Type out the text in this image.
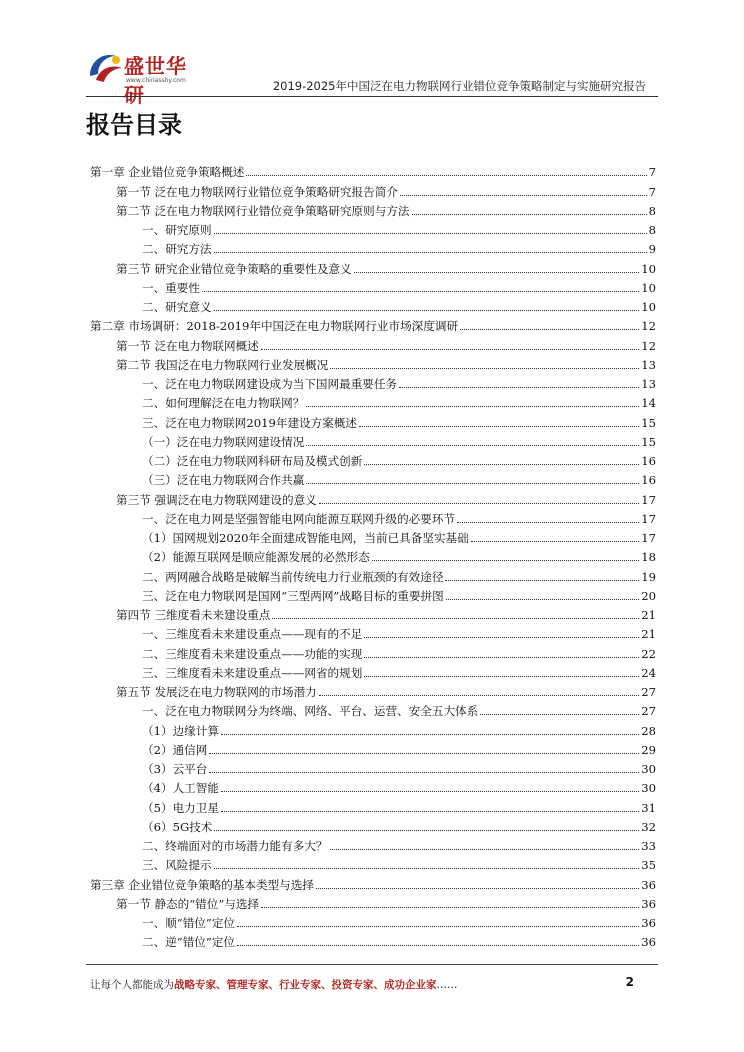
盛世华研
www.chinasshy.com	2019-2025年中国泛在电力物联网行业错位竞争策略制定与实施研究报告
报告目录
第一章 企业错位竞争策略概述	7
第一节 泛在电力物联网行业错位竞争策略研究报告简介	7
第二节 泛在电力物联网行业错位竞争策略研究原则与方法	8
一、研究原则	8
二、研究方法	9
第三节 研究企业错位竞争策略的重要性及意义	10
一、重要性	10
二、研究意义	10
第二章 市场调研：2018-2019年中国泛在电力物联网行业市场深度调研	12
第一节 泛在电力物联网概述	12
第二节 我国泛在电力物联网行业发展概况	13
一、泛在电力物联网建设成为当下国网最重要任务	13
二、如何理解泛在电力物联网？	14
三、泛在电力物联网2019年建设方案概述	15
（一）泛在电力物联网建设情况	15
（二）泛在电力物联网科研布局及模式创新	16
（三）泛在电力物联网合作共赢	16
第三节 强调泛在电力物联网建设的意义	17
一、泛在电力网是坚强智能电网向能源互联网升级的必要环节	17
（1）国网规划2020年全面建成智能电网，当前已具备坚实基础	17
（2）能源互联网是顺应能源发展的必然形态	18
二、两网融合战略是破解当前传统电力行业瓶颈的有效途径	19
三、泛在电力物联网是国网“三型两网”战略目标的重要拼图	20
第四节 三维度看未来建设重点	21
一、三维度看未来建设重点——现有的不足	21
二、三维度看未来建设重点——功能的实现	22
三、三维度看未来建设重点——网省的规划	24
第五节 发展泛在电力物联网的市场潜力	27
一、泛在电力物联网分为终端、网络、平台、运营、安全五大体系	27
（1）边缘计算	28
（2）通信网	29
（3）云平台	30
（4）人工智能	30
（5）电力卫星	31
（6）5G技术	32
二、终端面对的市场潜力能有多大？	33
三、风险提示	35
第三章 企业错位竞争策略的基本类型与选择	36
第一节 静态的“错位”与选择	36
一、顺“错位”定位	36
二、逆“错位”定位	36
让每个人都能成为战略专家、管理专家、行业专家、投资专家、成功企业家……	2
